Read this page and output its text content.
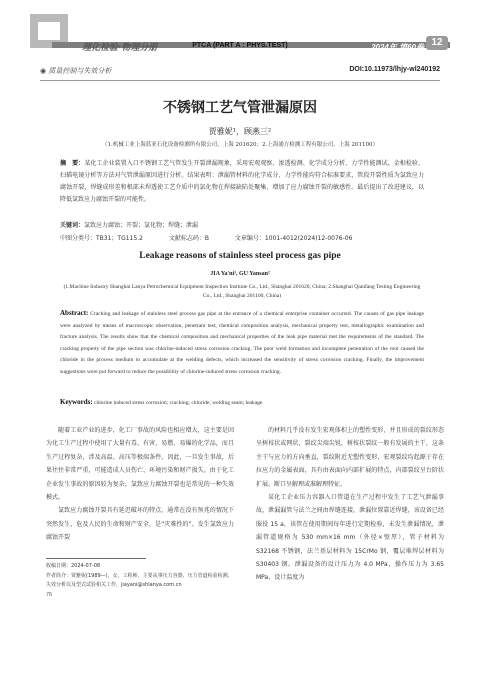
理化检验·物理分册	PTCA (PART A : PHYS.TEST)	2024年 第60卷 12
◉ 质量控制与失效分析	DOI:10.11973/lhjy-wl240192
不锈钢工艺气管泄漏原因
贾雅妮¹，顾燕三²
（1.机械工业上海蓝亚石化设备检测所有限公司，上海 201620；2.上海浦方检测工程有限公司，上海 201100）
摘　要：某化工企业装置入口不锈钢工艺气管发生开裂泄漏现象，采用宏观观察、渗透检测、化学成分分析、力学性能测试、金相检验、扫描电镜分析等方法对气管泄漏原因进行分析。结果表明：泄漏管材料的化学成分、力学性能均符合标准要求，管段开裂性质为氯致应力腐蚀开裂，焊缝成形差和根部未焊透使工艺介质中的氯化物在焊接缺陷处聚集，增加了应力腐蚀开裂的敏感性。最后提出了改进建议，以降低氯致应力腐蚀开裂的可能性。
关键词：氯致应力腐蚀；开裂；氯化物；焊缝；泄漏
中图分类号：TB31；TG115.2	文献标志码：B	文章编号：1001-4012(2024)12-0076-06
Leakage reasons of stainless steel process gas pipe
JIA Ya'ni¹, GU Yansan²
(1.Machine Industry Shanghai Lanya Petrochemical Equipment Inspection Institute Co., Ltd., Shanghai 201620, China; 2.Shanghai Qianfang Testing Engineering Co., Ltd., Shanghai 201100, China)
Abstract: Cracking and leakage of stainless steel process gas pipe at the entrance of a chemical enterprise container occurred. The causes of gas pipe leakage were analyzed by means of macroscopic observation, penetrant test, chemical composition analysis, mechanical property test, metallographic examination and fracture analysis. The results show that the chemical composition and mechanical properties of the leak pipe material met the requirements of the standard. The cracking property of the pipe section was chlorine-induced stress corrosion cracking. The poor weld formation and incomplete penetration of the root caused the chloride in the process medium to accumulate at the welding defects, which increased the sensitivity of stress corrosion cracking. Finally, the improvement suggestions were put forward to reduce the possibility of chlorine-induced stress corrosion cracking.
Keywords: chlorine induced stress corrosion; cracking; chloride; welding seam; leakage

随着工业产业的进步，化工厂事故的风险也相应增大，这主要是因为化工生产过程中使用了大量有毒、有害、易燃、易爆的化学品，而且生产过程复杂，涉及高温、高压等极端条件。因此，一旦发生事故，后果往往非常严重，可能造成人员伤亡、环境污染和财产损失。由于化工企业发生事故的原因较为复杂，氯致应力腐蚀开裂也是常见的一种失效模式。

氯致应力腐蚀开裂具有延迟破坏的特点，通常在没有预兆的情况下突然发生，危及人民的生命和财产安全，是“灾难性的”。发生氯致应力腐蚀开裂

的材料几乎没有发生宏观体积上的塑性变形，并且形成的裂纹形态呈树枝状或网状，裂纹尖端尖锐，树枝状裂纹一般有发展的主干，这条主干与应力的方向垂直，裂纹附近无塑性变形，宏观裂纹均起源于存在拉应力的金属表面，具有由表面向内部扩展的特点，内部裂纹呈台阶状扩展。断口呈解理或准解理特征。

某化工企业压力容器入口管道在生产过程中发生了工艺气泄漏事故，泄漏漏管与法兰之间由焊缝连接，泄漏位置靠近焊缝，该设备已经服役 15 a，该管在使用期间每年进行定期检验，未发生泄漏情况，泄漏管道规格为 530 mm×16 mm（外径×壁厚），管子材料为 S32168 不锈钢，法兰基层材料为 15CrMo 钢，覆层堆焊层材料为 S30403 钢。泄漏设备的设计压力为 4.0 MPa，操作压力为 3.65 MPa，设计温度为

收稿日期：2024-07-08
作者简介：贾雅妮(1989—)，女，工程师，主要从事压力容器、压力管道检验检测、失效分析以及型式试验相关工作，jiayani@shlanya.com.cn
76
